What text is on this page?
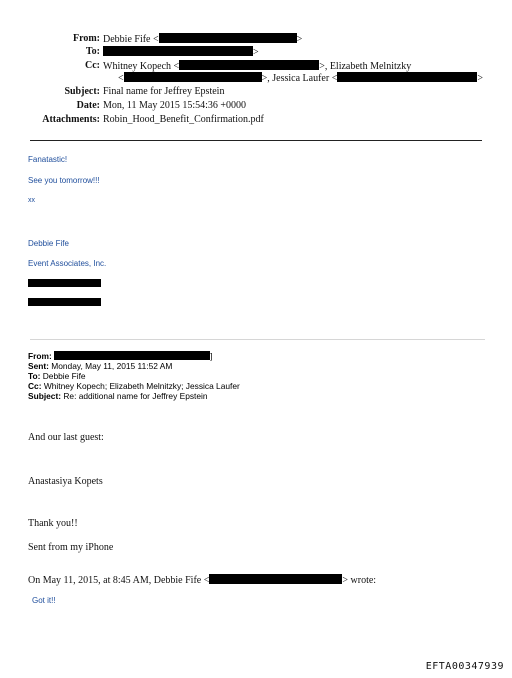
From: Debbie Fife <	>
To:	>
Cc: Whitney Kopech <	>, Elizabeth Melnitzky
<	>, Jessica Laufer <	>
Subject: Final name for Jeffrey Epstein
Date: Mon, 11 May 2015 15:54:36 +0000
Attachments: Robin_Hood_Benefit_Confirmation.pdf
Fanatastic!
See you tomorrow!!!
xx
Debbie Fife
Event Associates, Inc.
From:	]
Sent: Monday, May 11, 2015 11:52 AM
To: Debbie Fife
Cc: Whitney Kopech; Elizabeth Melnitzky; Jessica Laufer
Subject: Re: additional name for Jeffrey Epstein
And our last guest:
Anastasiya Kopets
Thank you!!
Sent from my iPhone
On May 11, 2015, at 8:45 AM, Debbie Fife <	> wrote:
Got it!!
EFTA00347939
